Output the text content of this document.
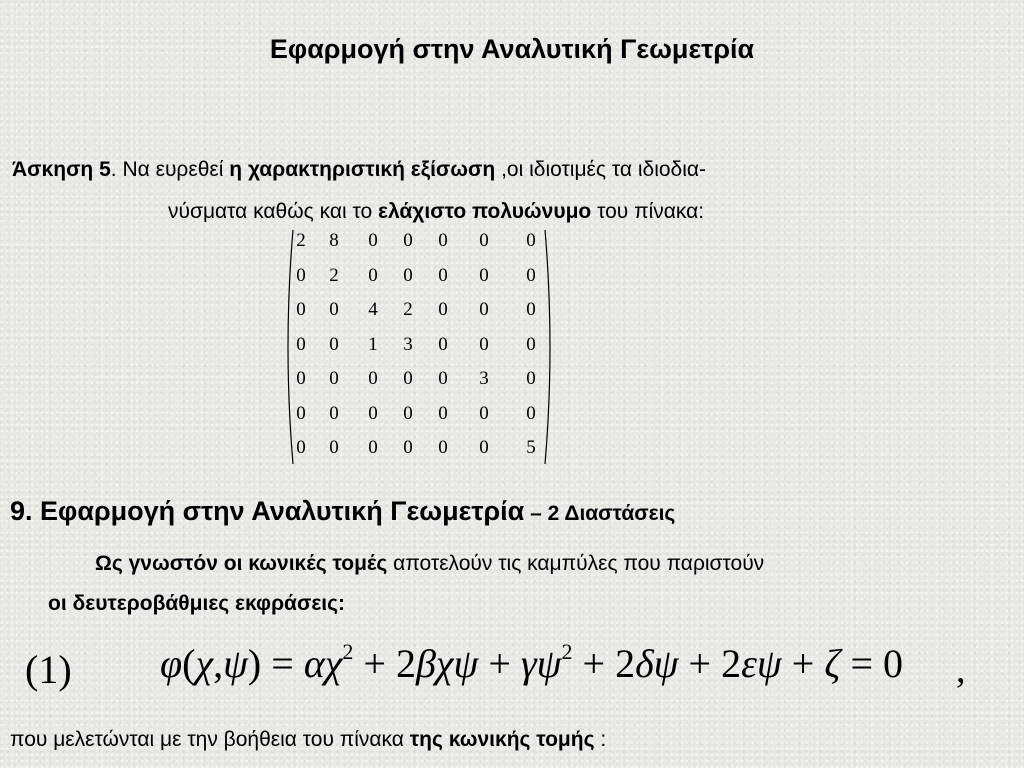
Εφαρμογή στην Αναλυτική Γεωμετρία
Άσκηση 5. Να ευρεθεί η χαρακτηριστική εξίσωση ,οι ιδιοτιμές τα ιδιοδια-
νύσματα καθώς και το ελάχιστο πολυώνυμο του πίνακα:
2 8 0 0 0 0 0
0 2 0 0 0 0 0
0 0 4 2 0 0 0
0 0 1 3 0 0 0
0 0 0 0 0 3 0
0 0 0 0 0 0 0
0 0 0 0 0 0 5
9. Εφαρμογή στην Αναλυτική Γεωμετρία – 2 Διαστάσεις
Ως γνωστόν οι κωνικές τομές αποτελούν τις καμπύλες που παριστούν
οι δευτεροβάθμιες εκφράσεις:
(1) $\varphi(\chi,\psi) = \alpha\chi^2 + 2\beta\chi\psi + \gamma\psi^2 + 2\delta\psi + 2\varepsilon\psi + \zeta = 0$ ,
που μελετώνται με την βοήθεια του πίνακα της κωνικής τομής :
